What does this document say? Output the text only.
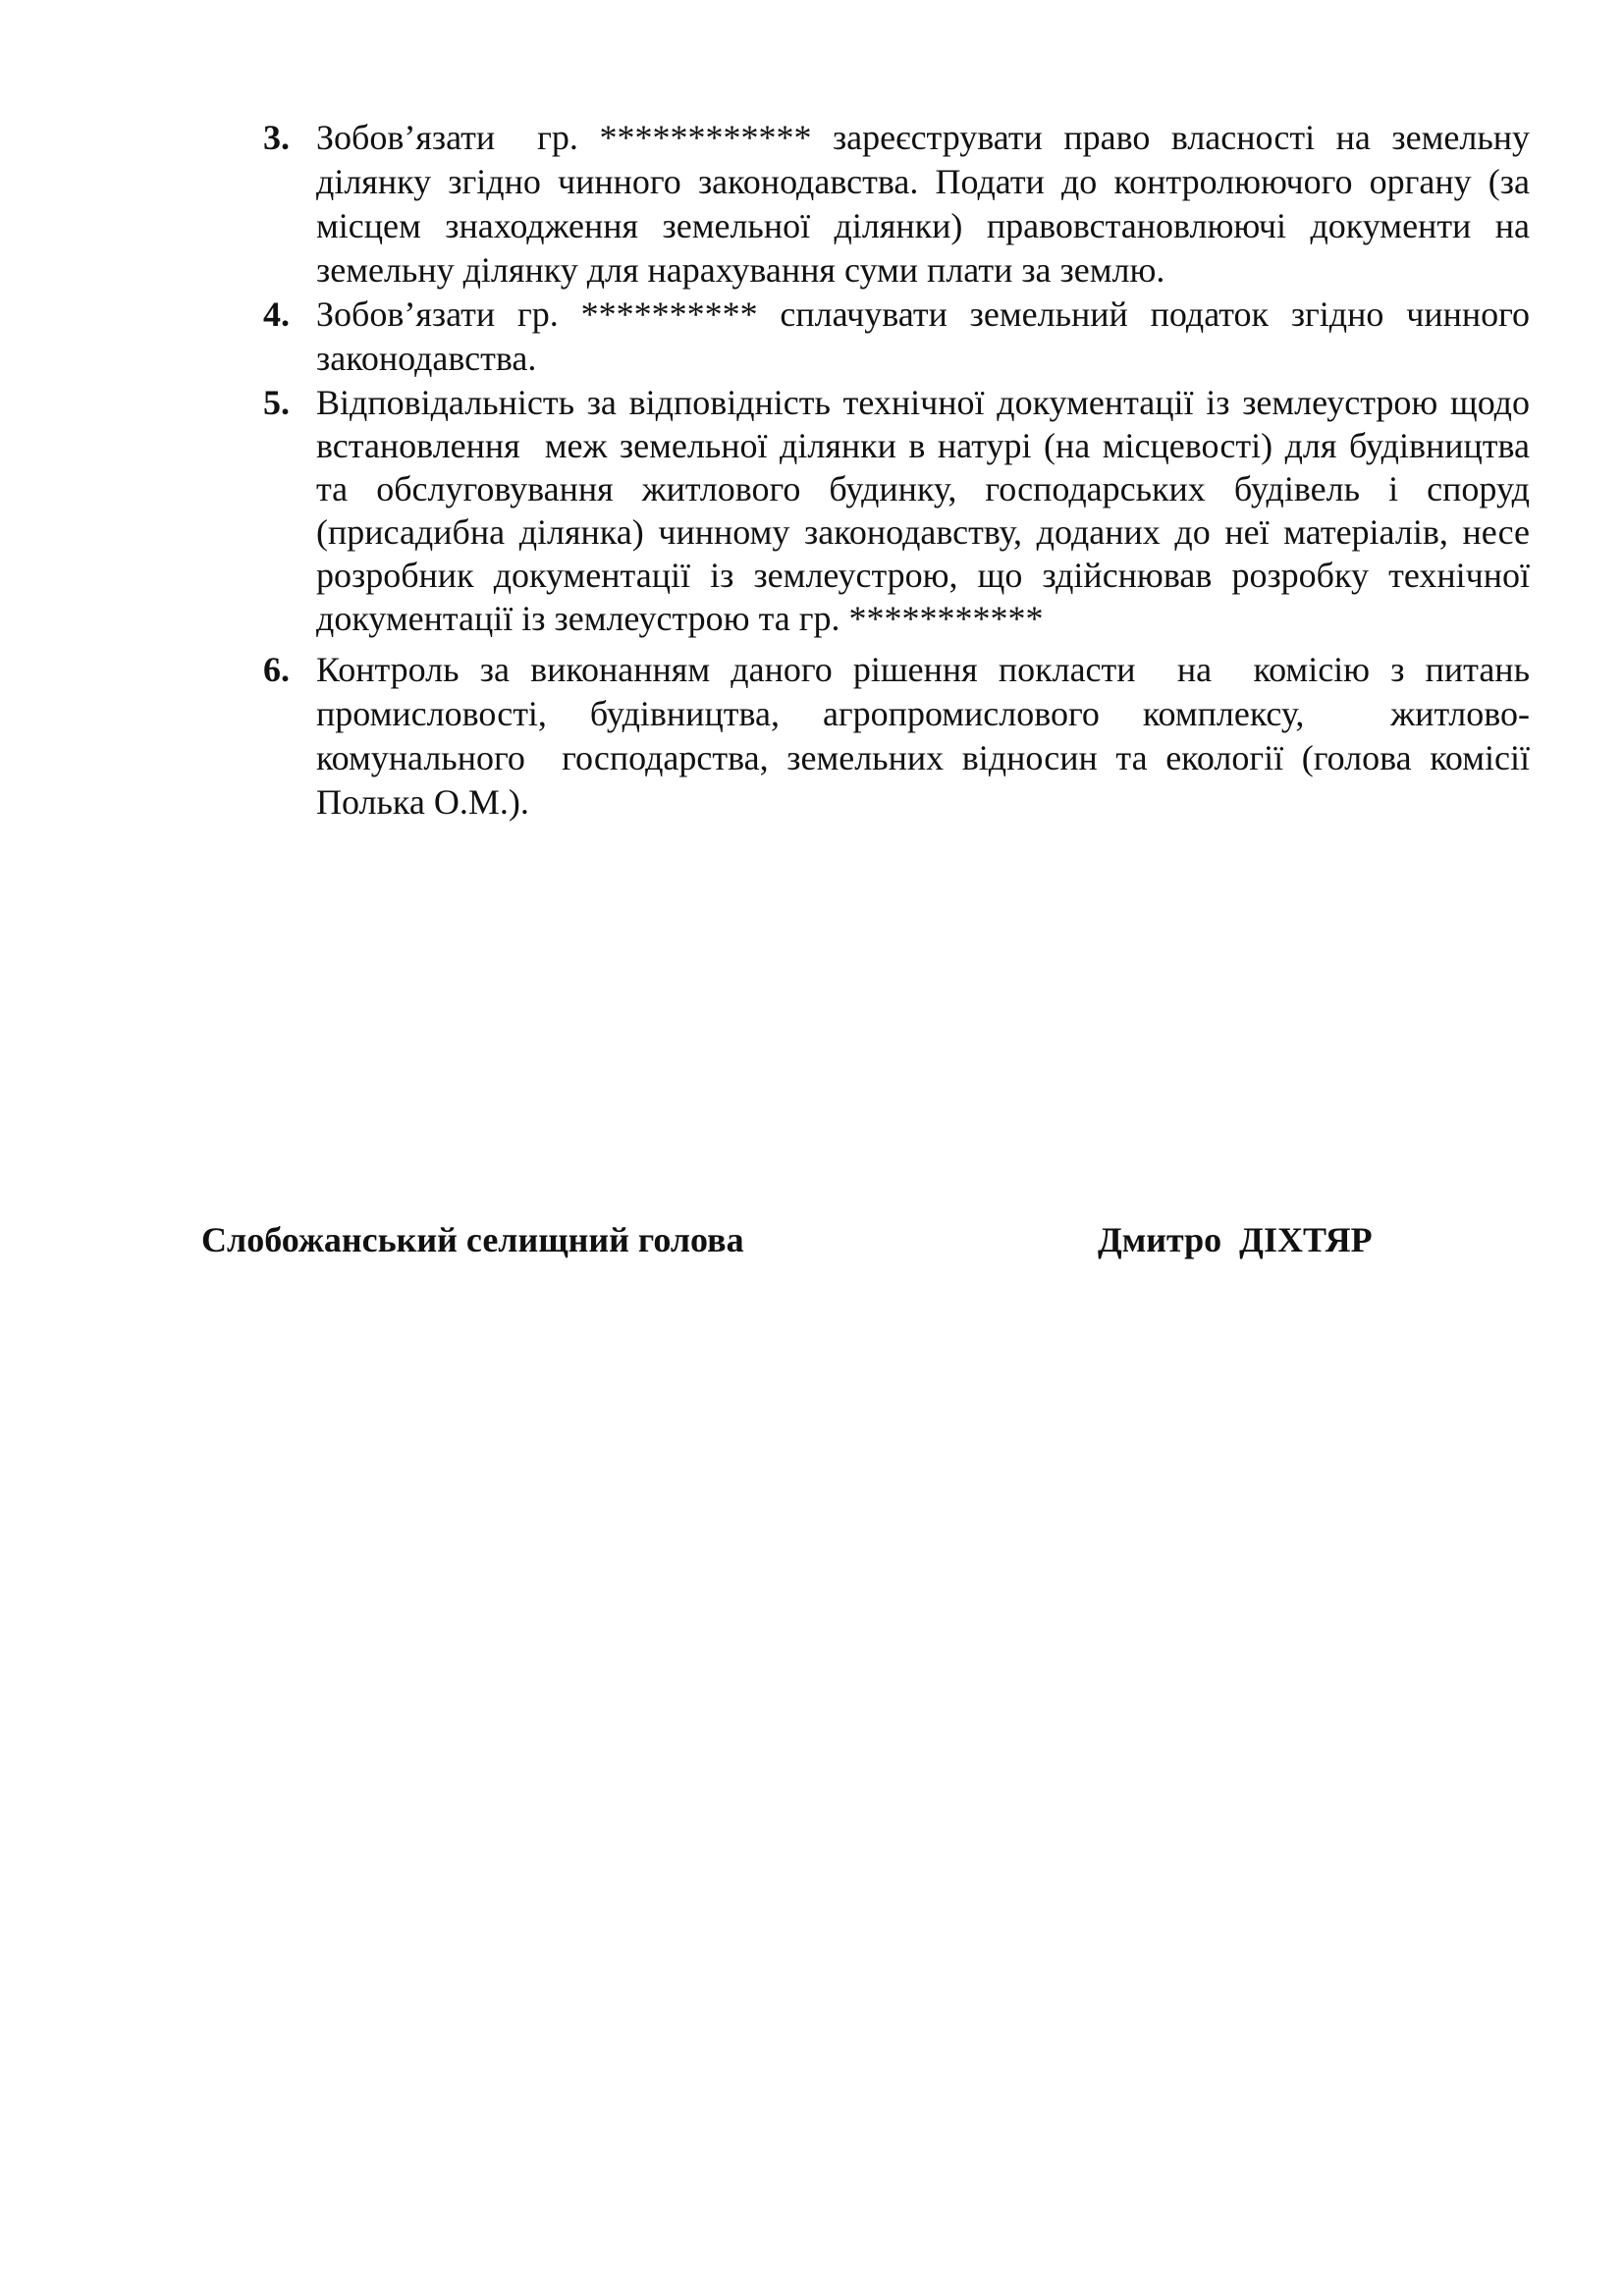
3. Зобов’язати  гр. ************ зареєструвати право власності на земельну ділянку згідно чинного законодавства. Подати до контролюючого органу (за місцем знаходження земельної ділянки) правовстановлюючі документи на земельну ділянку для нарахування суми плати за землю.

4. Зобов’язати гр. ********** сплачувати земельний податок згідно чинного законодавства.

5. Відповідальність за відповідність технічної документації із землеустрою щодо встановлення  меж земельної ділянки в натурі (на місцевості) для будівництва та обслуговування житлового будинку, господарських будівель і споруд (присадибна ділянка) чинному законодавству, доданих до неї матеріалів, несе розробник документації із землеустрою, що здійснював розробку технічної документації із землеустрою та гр. ***********

6. Контроль за виконанням даного рішення покласти  на  комісію з питань промисловості, будівництва, агропромислового комплексу,  житлово-комунального  господарства, земельних відносин та екології (голова комісії  Полька О.М.).

Слобожанський селищний голова	Дмитро  ДІХТЯР
